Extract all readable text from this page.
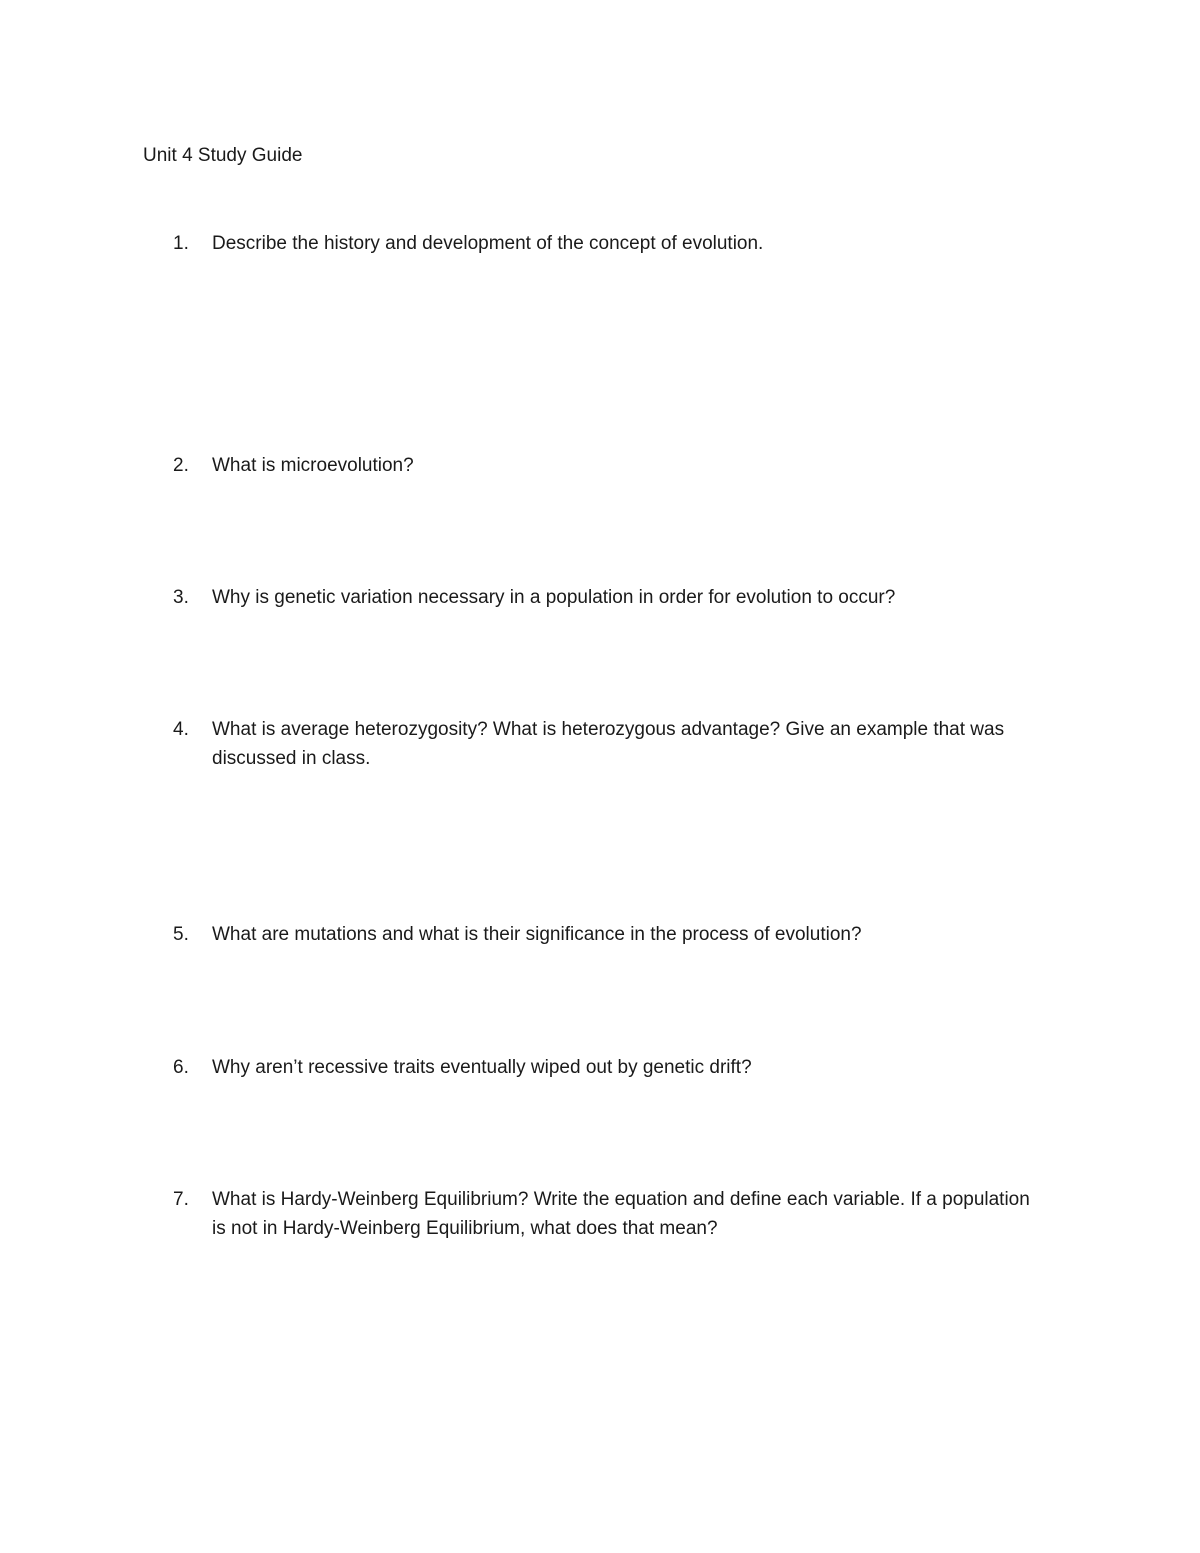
Unit 4 Study Guide
1. Describe the history and development of the concept of evolution.
2. What is microevolution?
3. Why is genetic variation necessary in a population in order for evolution to occur?
4. What is average heterozygosity? What is heterozygous advantage? Give an example that was discussed in class.
5. What are mutations and what is their significance in the process of evolution?
6. Why aren’t recessive traits eventually wiped out by genetic drift?
7. What is Hardy-Weinberg Equilibrium? Write the equation and define each variable. If a population is not in Hardy-Weinberg Equilibrium, what does that mean?
